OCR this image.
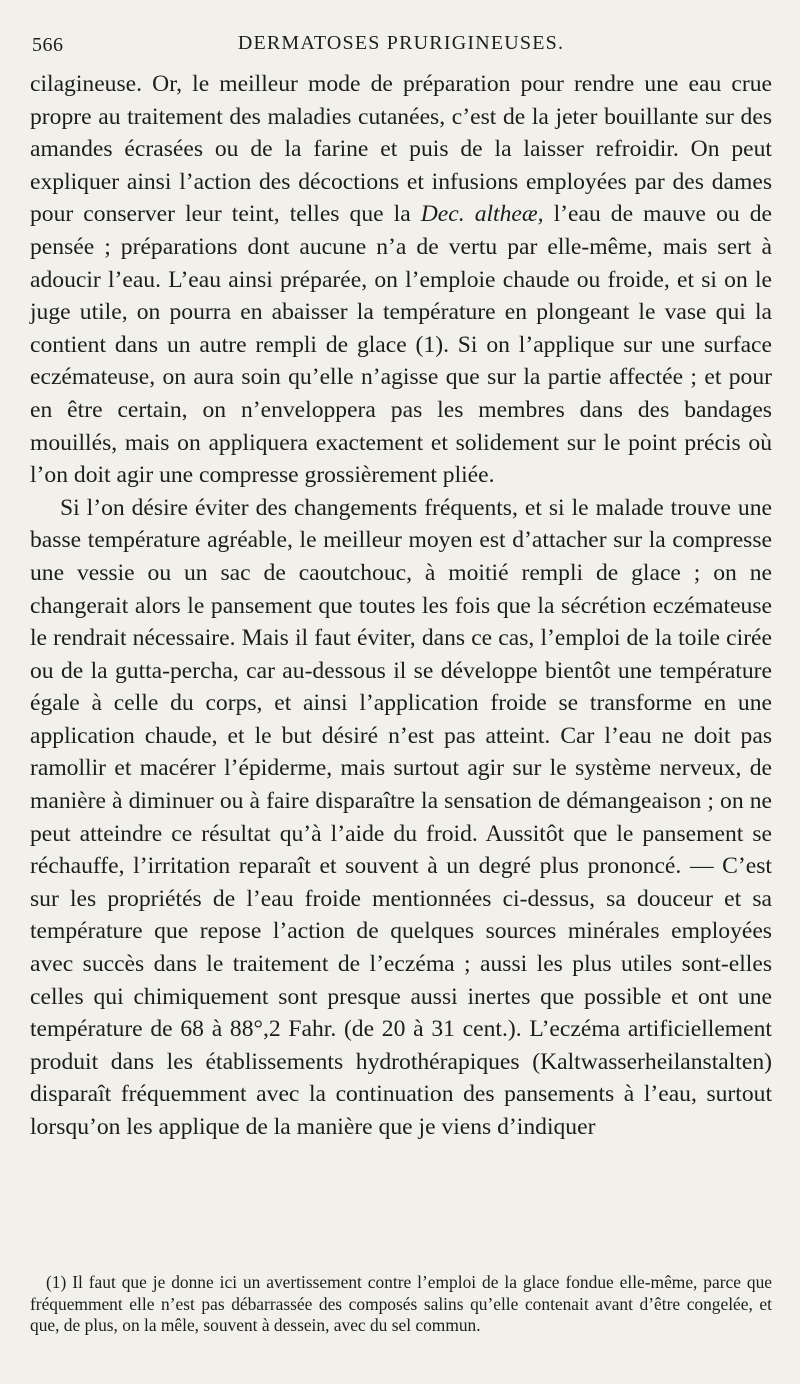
566	DERMATOSES PRURIGINEUSES.

cilagineuse. Or, le meilleur mode de préparation pour rendre une eau crue propre au traitement des maladies cutanées, c’est de la jeter bouillante sur des amandes écrasées ou de la farine et puis de la laisser refroidir. On peut expliquer ainsi l’action des décoctions et infusions employées par des dames pour conserver leur teint, telles que la Dec. altheæ, l’eau de mauve ou de pensée ; préparations dont aucune n’a de vertu par elle-même, mais sert à adoucir l’eau. L’eau ainsi préparée, on l’emploie chaude ou froide, et si on le juge utile, on pourra en abaisser la température en plongeant le vase qui la contient dans un autre rempli de glace (1). Si on l’applique sur une surface eczémateuse, on aura soin qu’elle n’agisse que sur la partie affectée ; et pour en être certain, on n’enveloppera pas les membres dans des bandages mouillés, mais on appliquera exactement et solidement sur le point précis où l’on doit agir une compresse grossièrement pliée.

Si l’on désire éviter des changements fréquents, et si le malade trouve une basse température agréable, le meilleur moyen est d’attacher sur la compresse une vessie ou un sac de caoutchouc, à moitié rempli de glace ; on ne changerait alors le pansement que toutes les fois que la sécrétion eczémateuse le rendrait nécessaire. Mais il faut éviter, dans ce cas, l’emploi de la toile cirée ou de la gutta-percha, car au-dessous il se développe bientôt une température égale à celle du corps, et ainsi l’application froide se transforme en une application chaude, et le but désiré n’est pas atteint. Car l’eau ne doit pas ramollir et macérer l’épiderme, mais surtout agir sur le système nerveux, de manière à diminuer ou à faire disparaître la sensation de démangeaison ; on ne peut atteindre ce résultat qu’à l’aide du froid. Aussitôt que le pansement se réchauffe, l’irritation reparaît et souvent à un degré plus prononcé. — C’est sur les propriétés de l’eau froide mentionnées ci-dessus, sa douceur et sa température que repose l’action de quelques sources minérales employées avec succès dans le traitement de l’eczéma ; aussi les plus utiles sont-elles celles qui chimiquement sont presque aussi inertes que possible et ont une température de 68 à 88°,2 Fahr. (de 20 à 31 cent.). L’eczéma artificiellement produit dans les établissements hydrothérapiques (Kaltwasserheilanstalten) disparaît fréquemment avec la continuation des pansements à l’eau, surtout lorsqu’on les applique de la manière que je viens d’indiquer

(1) Il faut que je donne ici un avertissement contre l’emploi de la glace fondue elle-même, parce que fréquemment elle n’est pas débarrassée des composés salins qu’elle contenait avant d’être congelée, et que, de plus, on la mêle, souvent à dessein, avec du sel commun.
